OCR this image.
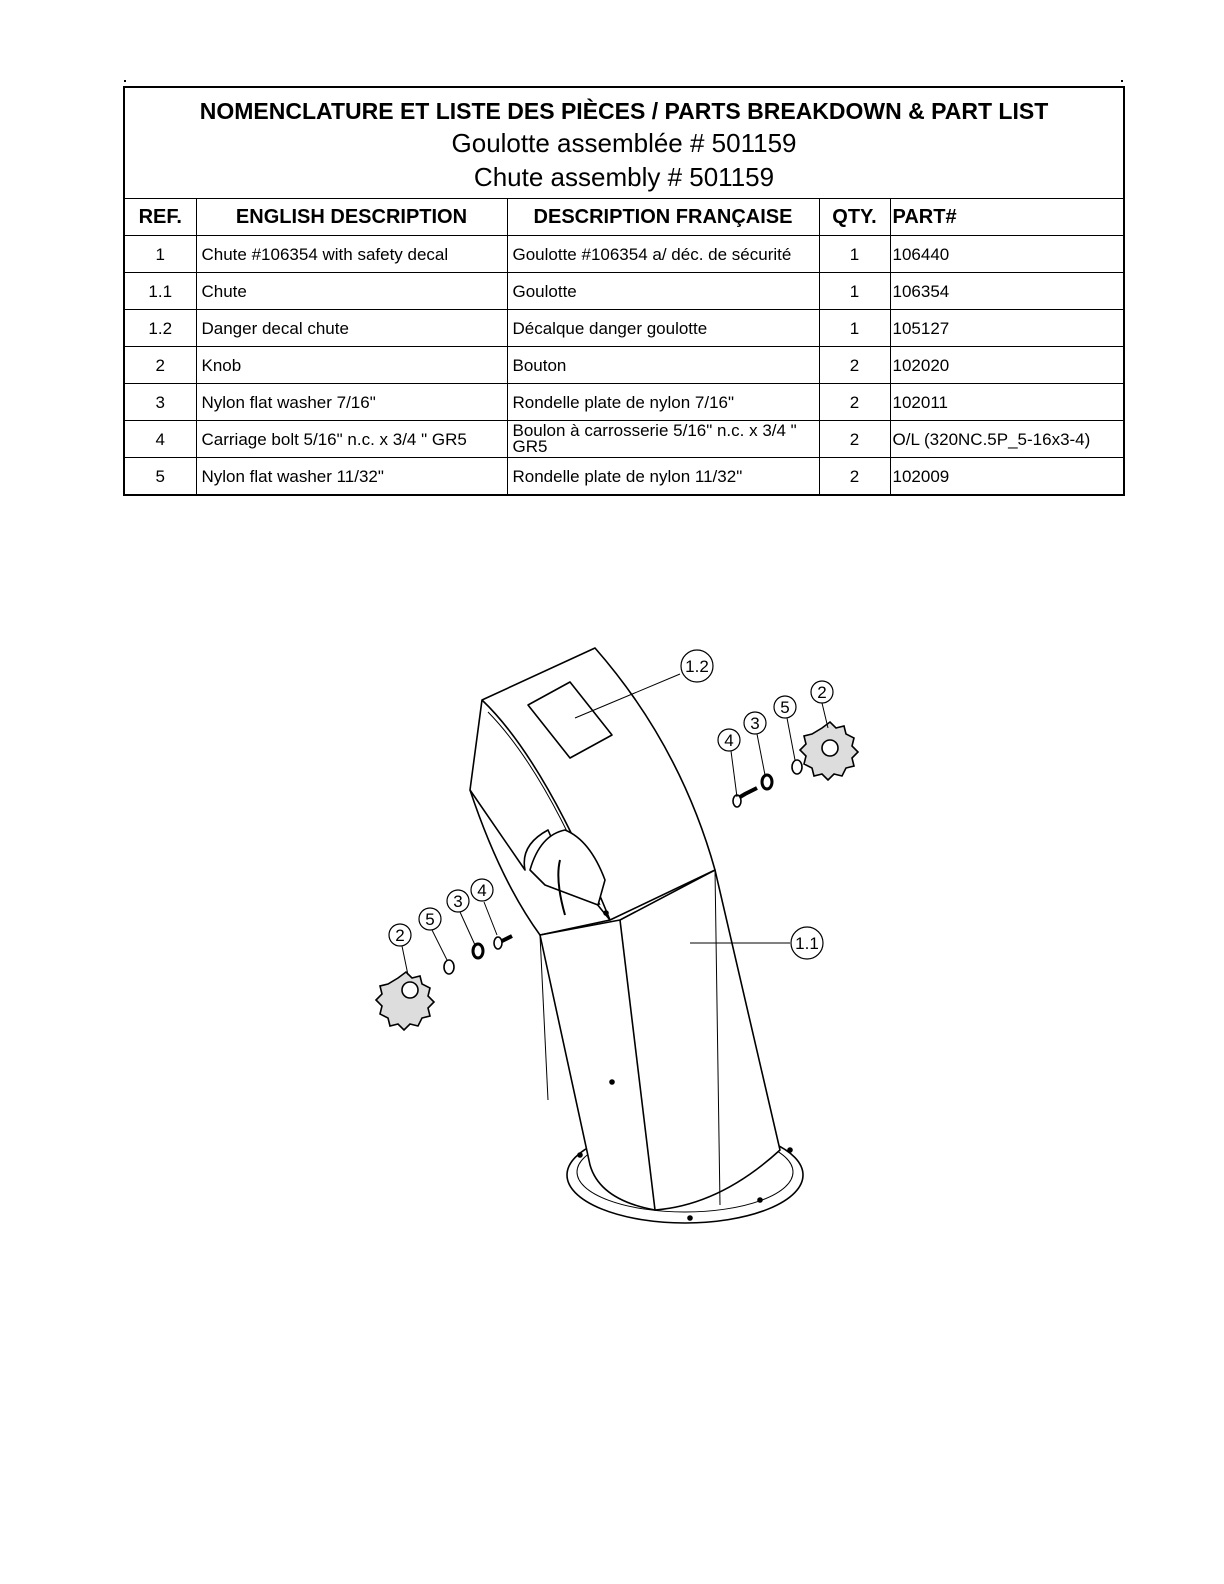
NOMENCLATURE ET LISTE DES PIÈCES / PARTS BREAKDOWN & PART LIST
Goulotte assemblée # 501159
Chute assembly # 501159				

REF.	ENGLISH DESCRIPTION	DESCRIPTION FRANÇAISE	QTY.	PART#
1	Chute #106354 with safety decal	Goulotte #106354 a/ déc. de sécurité	1	106440
1.1	Chute	Goulotte	1	106354
1.2	Danger decal chute	Décalque danger goulotte	1	105127
2	Knob	Bouton	2	102020
3	Nylon flat washer 7/16"	Rondelle plate de nylon 7/16"	2	102011
4	Carriage bolt 5/16" n.c. x 3/4 " GR5	Boulon à carrosserie 5/16" n.c. x 3/4 " GR5	2	O/L (320NC.5P_5-16x3-4)
5	Nylon flat washer 11/32"	Rondelle plate de nylon 11/32"	2	102009
1.2
1.1
2
5
3
4
2
5
3
4
